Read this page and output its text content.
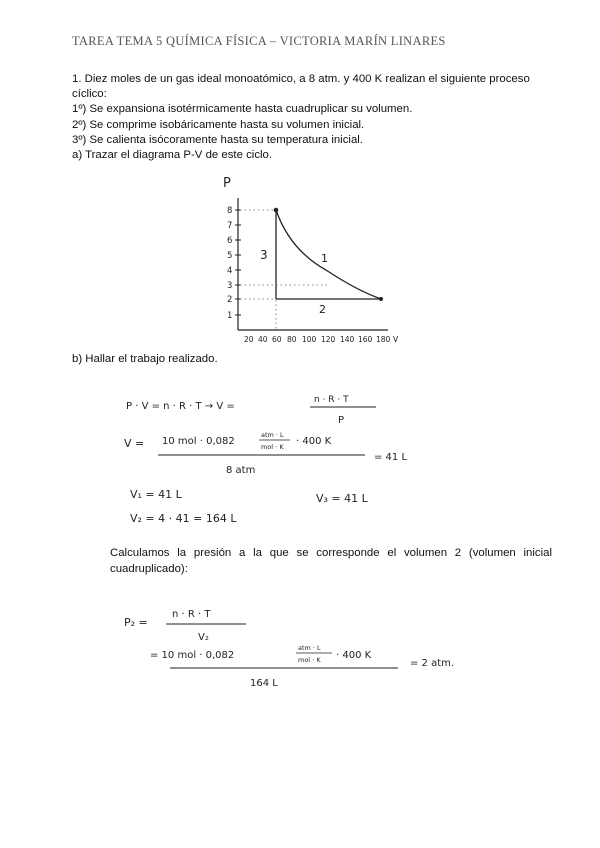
TAREA TEMA 5 QUÍMICA FÍSICA – VICTORIA MARÍN LINARES
1. Diez moles de un gas ideal monoatómico, a 8 atm. y 400 K realizan el siguiente proceso
cíclico:
1º) Se expansiona isotérmicamente hasta cuadruplicar su volumen.
2º) Se comprime isobáricamente hasta su volumen inicial.
3º) Se calienta isócoramente hasta su temperatura inicial.
a) Trazar el diagrama P-V de este ciclo.
b) Hallar el trabajo realizado.
Calculamos la presión a la que se corresponde el volumen 2 (volumen inicial cuadruplicado):
P
8
7
6
5
4
3
2
1
20 40 60 80 100 120 140 160 180 V
1
2
3
P · V = n · R · T → V =
n · R · T
P
V = 10 mol · 0,082
atm · L
mol · K · 400 K
8 atm
= 41 L
V₁ = 41 L	V₃ = 41 L
V₂ = 4 · 41 = 164 L
P₂ =
n · R · T
V₂
= 10 mol · 0,082
atm · L
mol · K · 400 K
164 L
= 2 atm.
